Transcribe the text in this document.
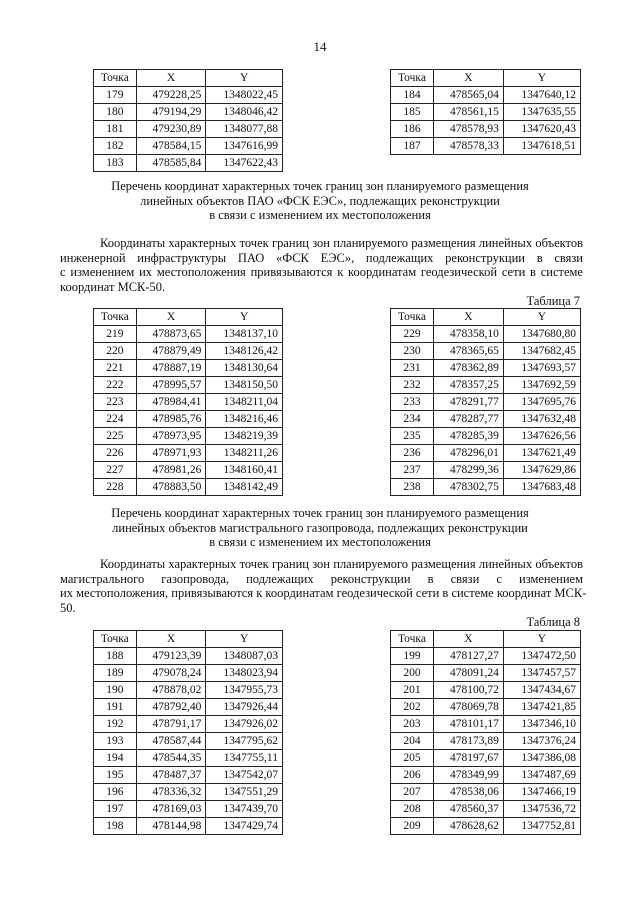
14
Точка	X	Y
179	479228,25	1348022,45
180	479194,29	1348046,42
181	479230,89	1348077,88
182	478584,15	1347616,99
183	478585,84	1347622,43
Точка	X	Y
184	478565,04	1347640,12
185	478561,15	1347635,55
186	478578,93	1347620,43
187	478578,33	1347618,51
Перечень координат характерных точек границ зон планируемого размещения
линейных объектов ПАО «ФСК ЕЭС», подлежащих реконструкции
в связи с изменением их местоположения
Координаты характерных точек границ зон планируемого размещения линейных объектов
инженерной инфраструктуры ПАО «ФСК ЕЭС», подлежащих реконструкции в связи
с изменением их местоположения привязываются к координатам геодезической сети в системе
координат МСК-50.
Таблица 7
Точка	X	Y
219	478873,65	1348137,10
220	478879,49	1348126,42
221	478887,19	1348130,64
222	478995,57	1348150,50
223	478984,41	1348211,04
224	478985,76	1348216,46
225	478973,95	1348219,39
226	478971,93	1348211,26
227	478981,26	1348160,41
228	478883,50	1348142,49
Точка	X	Y
229	478358,10	1347680,80
230	478365,65	1347682,45
231	478362,89	1347693,57
232	478357,25	1347692,59
233	478291,77	1347695,76
234	478287,77	1347632,48
235	478285,39	1347626,56
236	478296,01	1347621,49
237	478299,36	1347629,86
238	478302,75	1347683,48
Перечень координат характерных точек границ зон планируемого размещения
линейных объектов магистрального газопровода, подлежащих реконструкции
в связи с изменением их местоположения
Координаты характерных точек границ зон планируемого размещения линейных объектов
магистрального газопровода, подлежащих реконструкции в связи с изменением
их местоположения, привязываются к координатам геодезической сети в системе координат МСК-
50.
Таблица 8
Точка	X	Y
188	479123,39	1348087,03
189	479078,24	1348023,94
190	478878,02	1347955,73
191	478792,40	1347926,44
192	478791,17	1347926,02
193	478587,44	1347795,62
194	478544,35	1347755,11
195	478487,37	1347542,07
196	478336,32	1347551,29
197	478169,03	1347439,70
198	478144,98	1347429,74
Точка	X	Y
199	478127,27	1347472,50
200	478091,24	1347457,57
201	478100,72	1347434,67
202	478069,78	1347421,85
203	478101,17	1347346,10
204	478173,89	1347376,24
205	478197,67	1347386,08
206	478349,99	1347487,69
207	478538,06	1347466,19
208	478560,37	1347536,72
209	478628,62	1347752,81
